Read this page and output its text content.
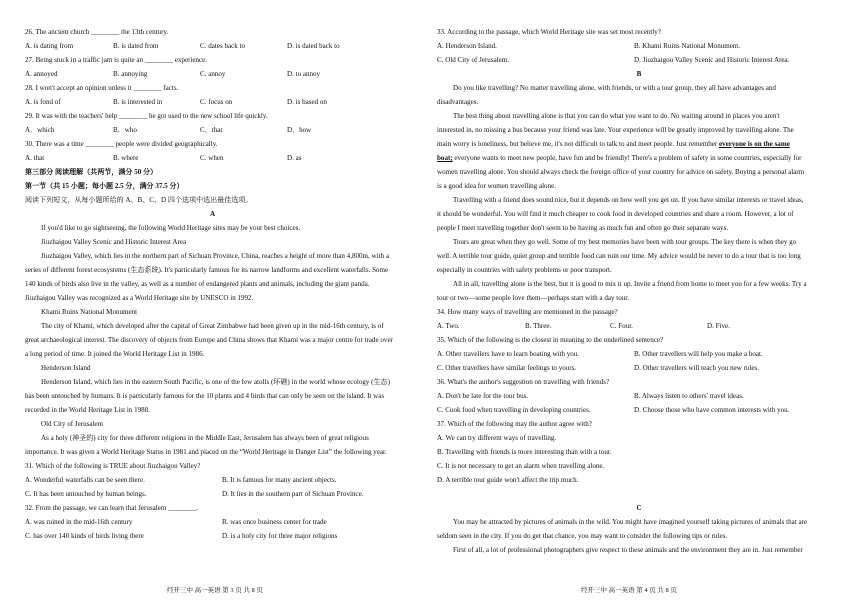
26. The ancient church ________ the 13th century.
A. is dating from	B. is dated from	C. dates back to	D. is dated back to
27. Being stuck in a traffic jam is quite an ________ experience.
A. annoyed	B. annoying	C. annoy	D. to annoy
28. I won't accept an opinion unless it ________ facts.
A. is fond of	B. is interested in	C. focus on	D. is based on
29. It was with the teachers' help ________ he got used to the new school life quickly.
A．which	B．who	C．that	D．how
30. There was a time ________ people were divided geographically.
A. that	B. where	C. when	D. as
第三部分 阅读理解（共两节，满分 50 分）
第一节（共 15 小题；每小题 2.5 分，满分 37.5 分）
阅读下列短文，从每小题所给的 A、B、C、D 四个选项中选出最佳选项。
A
If you'd like to go sightseeing, the following World Heritage sites may be your best choices.
Jiuzhaigou Valley Scenic and Historic Interest Area
Jiuzhaigou Valley, which lies in the northern part of Sichuan Province, China, reaches a height of more than 4,800m, with a
series of different forest ecosystems (生态系统). It's particularly famous for its narrow landforms and excellent waterfalls. Some
140 kinds of birds also live in the valley, as well as a number of endangered plants and animals, including the giant panda.
Jiuzhaigou Valley was recognized as a World Heritage site by UNESCO in 1992.
Khami Ruins National Monument
The city of Khami, which developed after the capital of Great Zimbabwe had been given up in the mid-16th century, is of
great archaeological interest. The discovery of objects from Europe and China shows that Khami was a major centre for trade over
a long period of time. It joined the World Heritage List in 1986.
Henderson Island
Henderson Island, which lies in the eastern South Pacific, is one of the few atolls (环礁) in the world whose ecology (生态)
has been untouched by humans. It is particularly famous for the 10 plants and 4 birds that can only be seen on the island. It was
recorded in the World Heritage List in 1988.
Old City of Jerusalem
As a holy (神圣的) city for three different religions in the Middle East, Jerusalem has always been of great religious
importance. It was given a World Heritage Status in 1981 and placed on the “World Heritage in Danger List” the following year.
31. Which of the following is TRUE about Jiuzhaigou Valley?
A. Wonderful waterfalls can be seen there.	B. It is famous for many ancient objects.
C. It has been untouched by human beings.	D. It lies in the southern part of Sichuan Province.
32. From the passage, we can learn that Jerusalem ________.
A. was ruined in the mid-16th century	B. was once business center for trade
C. has over 140 kinds of birds living there	D. is a holy city for three major religions
经开三中 高一英语 第 3 页 共 8 页
33. According to the passage, which World Heritage site was set most recently?
A. Henderson Island.	B. Khami Ruins National Monument.
C. Old City of Jerusalem.	D. Jiuzhaigou Valley Scenic and Historic Interest Area.
B
Do you like travelling? No matter travelling alone, with friends, or with a tour group, they all have advantages and
disadvantages.
The best thing about travelling alone is that you can do what you want to do. No waiting around in places you aren't
interested in, no missing a bus because your friend was late. Your experience will be greatly improved by travelling alone. The
main worry is loneliness, but believe me, it's not difficult to talk to and meet people. Just remember everyone is on the same
boat; everyone wants to meet new people, have fun and be friendly! There's a problem of safety in some countries, especially for
women travelling alone. You should always check the foreign office of your country for advice on safety. Buying a personal alarm
is a good idea for women travelling alone.
Travelling with a friend does sound nice, but it depends on how well you get on. If you have similar interests or travel ideas,
it should be wonderful. You will find it much cheaper to cook food in developed countries and share a room. However, a lot of
people I meet travelling together don't seem to be having as much fun and often go their separate ways.
Tours are great when they go well. Some of my best memories have been with tour groups. The key there is when they go
well. A terrible tour guide, quiet group and terrible food can ruin our time. My advice would be never to do a tour that is too long
especially in countries with safety problems or poor transport.
All in all, travelling alone is the best, but it is good to mix it up. Invite a friend from home to meet you for a few weeks. Try a
tour or two—some people love them—perhaps start with a day tour.
34. How many ways of travelling are mentioned in the passage?
A. Two.	B. Three.	C. Four.	D. Five.
35. Which of the following is the closest in meaning to the underlined sentence?
A. Other travellers have to learn boating with you.	B. Other travellers will help you make a boat.
C. Other travellers have similar feelings to yours.	D. Other travellers will teach you new rules.
36. What's the author's suggestion on travelling with friends?
A. Don't be late for the tour bus.	B. Always listen to others' travel ideas.
C. Cook food when travelling in developing countries.	D. Choose those who have common interests with you.
37. Which of the following may the author agree with?
A. We can try different ways of travelling.
B. Travelling with friends is more interesting than with a tour.
C. It is not necessary to get an alarm when travelling alone.
D. A terrible tour guide won't affect the trip much.
C
You may be attracted by pictures of animals in the wild. You might have imagined yourself taking pictures of animals that are
seldom seen in the city. If you do get that chance, you may want to consider the following tips or rules.
First of all, a lot of professional photographers give respect to these animals and the environment they are in. Just remember
经开三中 高一英语 第 4 页 共 8 页
